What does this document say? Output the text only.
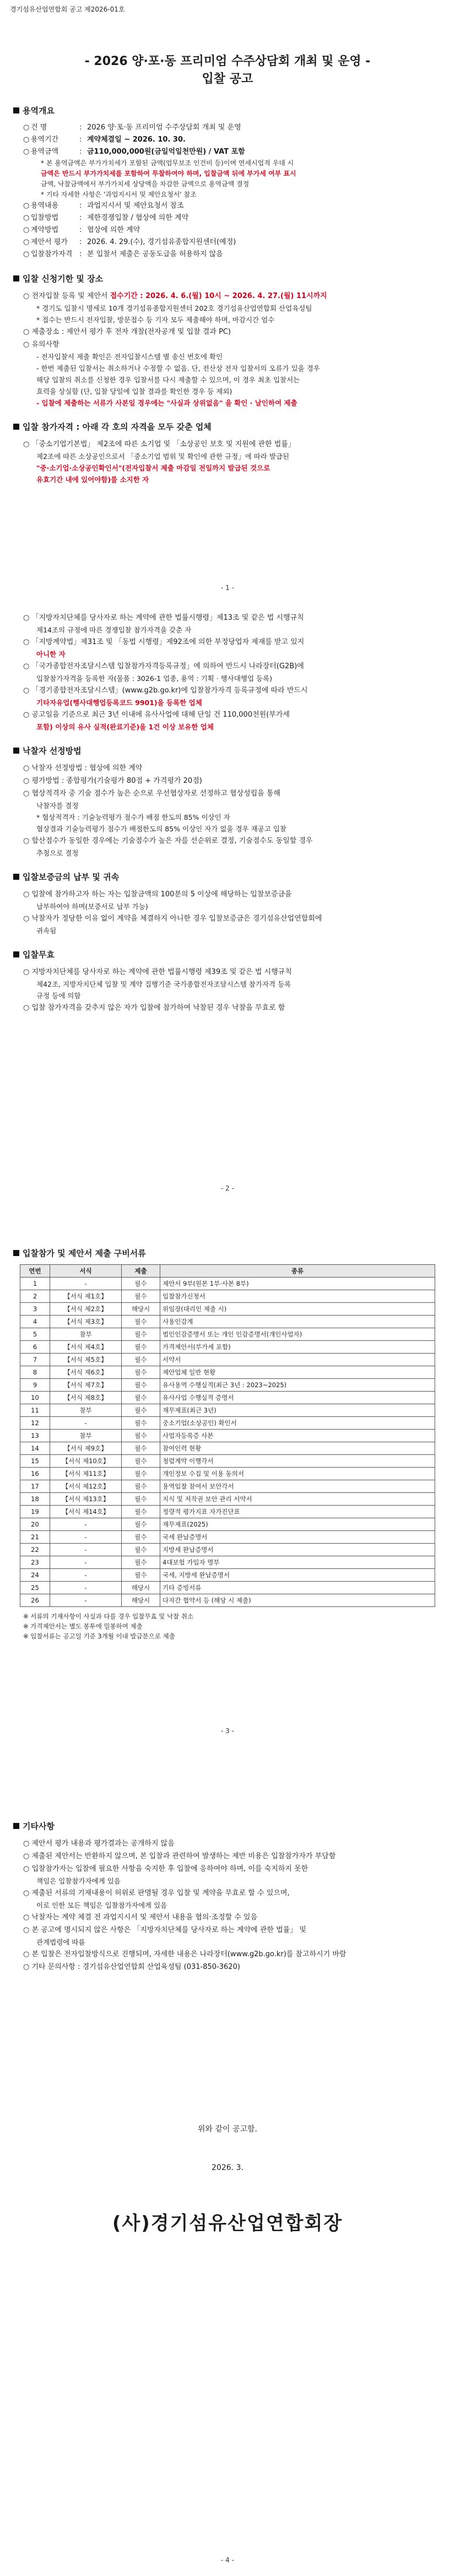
경기섬유산업연합회 공고 제2026-01호
- 2026 양·포·동 프리미엄 수주상담회 개최 및 운영 -
입찰 공고
용역개요
○ 건 명	: 2026 양·포·동 프리미엄 수주상담회 개최 및 운영
○ 용역기간	: 계약체결일 ~ 2026. 10. 30.
○ 용역금액	: 금110,000,000원(금일억일천만원) / VAT 포함
* 본 용역금액은 부가가치세가 포함된 금액(업무보조 인건비 등)이며 연세시업적 우대 시
금액은 반드시 부가가치세를 포함하여 투찰하여야 하며, 입찰금액 뒤에 부가세 여부 표시
금액, 낙찰금액에서 부가가치세 상당액을 차감한 금액으로 용역금액 결정
* 기타 자세한 사항은 '과업지시서 및 제안요청서' 참조
○ 용역내용	: 과업지시서 및 제안요청서 참조
○ 입찰방법	: 제한경쟁입찰 / 협상에 의한 계약
○ 계약방법	: 협상에 의한 계약
○ 제안서 평가	: 2026. 4. 29.(수), 경기섬유종합지원센터(예정)
○ 입찰참가자격 : 본 입찰서 제출은 공동도급을 허용하지 않음
입찰 신청기한 및 장소
○ 전자입찰 등록 및 제안서 접수기간 : 2026. 4. 6.(월) 10시 ~ 2026. 4. 27.(월) 11시까지
* 경기도 입찰시 명세로 10개 경기섬유종합지원센터 202호 경기섬유산업연합회 산업육성팀
* 접수는 반드시 전자입찰, 방문접수 등 기자 모두 제출해야 하며, 마감시간 엄수
○ 제출장소 : 제안서 평가 후 전자 개찰(전자공개 및 입찰 결과 PC)
○ 유의사항
- 전자입찰서 제출 확인은 전자입찰시스템 별 송신 번호에 확인
- 한번 제출된 입찰서는 취소하거나 수정할 수 없음. 단, 전산상 전자 입찰서의 오류가 있을 경우
해당 입찰의 취소를 신청한 경우 입찰서를 다시 제출할 수 있으며, 이 경우 최초 입찰서는
효력을 상실함 (단, 입찰 당일에 입찰 결과를 확인한 경우 등 제외)
- 입찰에 제출하는 서류가 사본일 경우에는 "사실과 상위없음" 을 확인 · 날인하여 제출
입찰 참가자격 : 아래 각 호의 자격을 모두 갖춘 업체
○ 「중소기업기본법」 제2조에 따른 소기업 및 「소상공인 보호 및 지원에 관한 법률」
제2조에 따른 소상공인으로서 「중소기업 범위 및 확인에 관한 규정」에 따라 발급된
"중·소기업·소상공인확인서"(전자입찰서 제출 마감일 전일까지 발급된 것으로
유효기간 내에 있어야함)를 소지한 자
- 1 -
○ 「지방자치단체를 당사자로 하는 계약에 관한 법률시행령」제13조 및 같은 법 시행규칙
제14조의 규정에 따른 경쟁입찰 참가자격을 갖춘 자
○ 「지방계약법」제31조 및 「동법 시행령」제92조에 의한 부정당업자 제재를 받고 있지
아니한 자
○ 「국가종합전자조달시스템 입찰참가자격등록규정」에 의하여 반드시 나라장터(G2B)에
입찰참가자격을 등록한 자(물품 : 3026-1 업종, 용역 : 기획 · 행사대행업 등록)
○ 「경기종합전자조달시스템」(www.g2b.go.kr)에 입찰참가자격 등록규정에 따라 반드시
기타자유업(행사대행업등록코드 9901)을 등록한 업체
○ 공고일을 기준으로 최근 3년 이내에 유사사업에 대해 단일 건 110,000천원(부가세
포함) 이상의 유사 실적(완료기준)을 1건 이상 보유한 업체
낙찰자 선정방법
○ 낙찰자 선정방법 : 협상에 의한 계약
○ 평가방법 : 종합평가(기술평가 80점 + 가격평가 20점)
○ 협상적격자 중 기술 점수가 높은 순으로 우선협상자로 선정하고 협상성립을 통해
낙찰자를 결정
* 협상적격자 : 기술능력평가 점수가 배점 한도의 85% 이상인 자
협상결과 기술능력평가 점수가 배점한도의 85% 이상인 자가 없을 경우 재공고 입찰
○ 합산점수가 동일한 경우에는 기술점수가 높은 자를 선순위로 결정, 기술점수도 동일할 경우
추첨으로 결정
입찰보증금의 납부 및 귀속
○ 입찰에 참가하고자 하는 자는 입찰금액의 100분의 5 이상에 해당하는 입찰보증금을
납부하여야 하며(보증서로 납부 가능)
○ 낙찰자가 정당한 이유 없이 계약을 체결하지 아니한 경우 입찰보증금은 경기섬유산업연합회에
귀속됨
입찰무효
○ 지방자치단체를 당사자로 하는 계약에 관한 법률시행령 제39조 및 같은 법 시행규칙
제42조, 지방자치단체 입찰 및 계약 집행기준 국가종합전자조달시스템 참가자격 등록
규정 등에 의함
○ 입찰 참가자격을 갖추지 않은 자가 입찰에 참가하여 낙찰된 경우 낙찰을 무효로 함
- 2 -
입찰참가 및 제안서 제출 구비서류
연번	서식	제출	종류
1	-	필수	제안서 9부(원본 1부·사본 8부)
2	【서식 제1호】	필수	입찰참가신청서
3	【서식 제2호】	해당시	위임장(대리인 제출 시)
4	【서식 제3호】	필수	사용인감계
5	참부	필수	법인인감증명서 또는 개인 인감증명서(개인사업자)
6	【서식 제4호】	필수	가격제안서(부가세 포함)
7	【서식 제5호】	필수	서약서
8	【서식 제6호】	필수	제안업체 일반 현황
9	【서식 제7호】	필수	유사용역 수행실적(최근 3년 : 2023~2025)
10	【서식 제8호】	필수	유사사업 수행실적 증명서
11	참부	필수	재무제표(최근 3년)
12	-	필수	중소기업(소상공인) 확인서
13	참부	필수	사업자등록증 사본
14	【서식 제9호】	필수	참여인력 현황
15	【서식 제10호】	필수	청렴계약 이행각서
16	【서식 제11호】	필수	개인정보 수집 및 이용 동의서
17	【서식 제12호】	필수	용역입찰 참여서 보안각서
18	【서식 제13호】	필수	지식 및 저작권 보안 관리 서약서
19	【서식 제14호】	필수	정량적 평가지표 자가진단표
20	-	필수	재무제표(2025)
21	-	필수	국세 완납증명서
22	-	필수	지방세 완납증명서
23	-	필수	4대보험 가입자 명부
24	-	필수	국세, 지방세 완납증명서
25	-	해당시	기타 증빙서류
26	-	해당시	다자간 협약서 등 (해당 시 제출)
※ 서류의 기재사항이 사실과 다를 경우 입찰무효 및 낙찰 취소
※ 가격제안서는 별도 봉투에 밀봉하여 제출
※ 입찰서류는 공고일 기준 3개월 이내 발급분으로 제출
- 3 -
기타사항
○ 제안서 평가 내용과 평가결과는 공개하지 않음
○ 제출된 제안서는 반환하지 않으며, 본 입찰과 관련하여 발생하는 제반 비용은 입찰참가자가 부담함
○ 입찰참가자는 입찰에 필요한 사항을 숙지한 후 입찰에 응하여야 하며, 이를 숙지하지 못한
책임은 입찰참가자에게 있음
○ 제출된 서류의 기재내용이 허위로 판명될 경우 입찰 및 계약을 무효로 할 수 있으며,
이로 인한 모든 책임은 입찰참가자에게 있음
○ 낙찰자는 계약 체결 전 과업지시서 및 제안서 내용을 협의·조정할 수 있음
○ 본 공고에 명시되지 않은 사항은 「지방자치단체를 당사자로 하는 계약에 관한 법률」 및
관계법령에 따름
○ 본 입찰은 전자입찰방식으로 진행되며, 자세한 내용은 나라장터(www.g2b.go.kr)를 참고하시기 바람
○ 기타 문의사항 : 경기섬유산업연합회 산업육성팀 (031-850-3620)
위와 같이 공고함.
2026. 3.
(사)경기섬유산업연합회장
- 4 -
